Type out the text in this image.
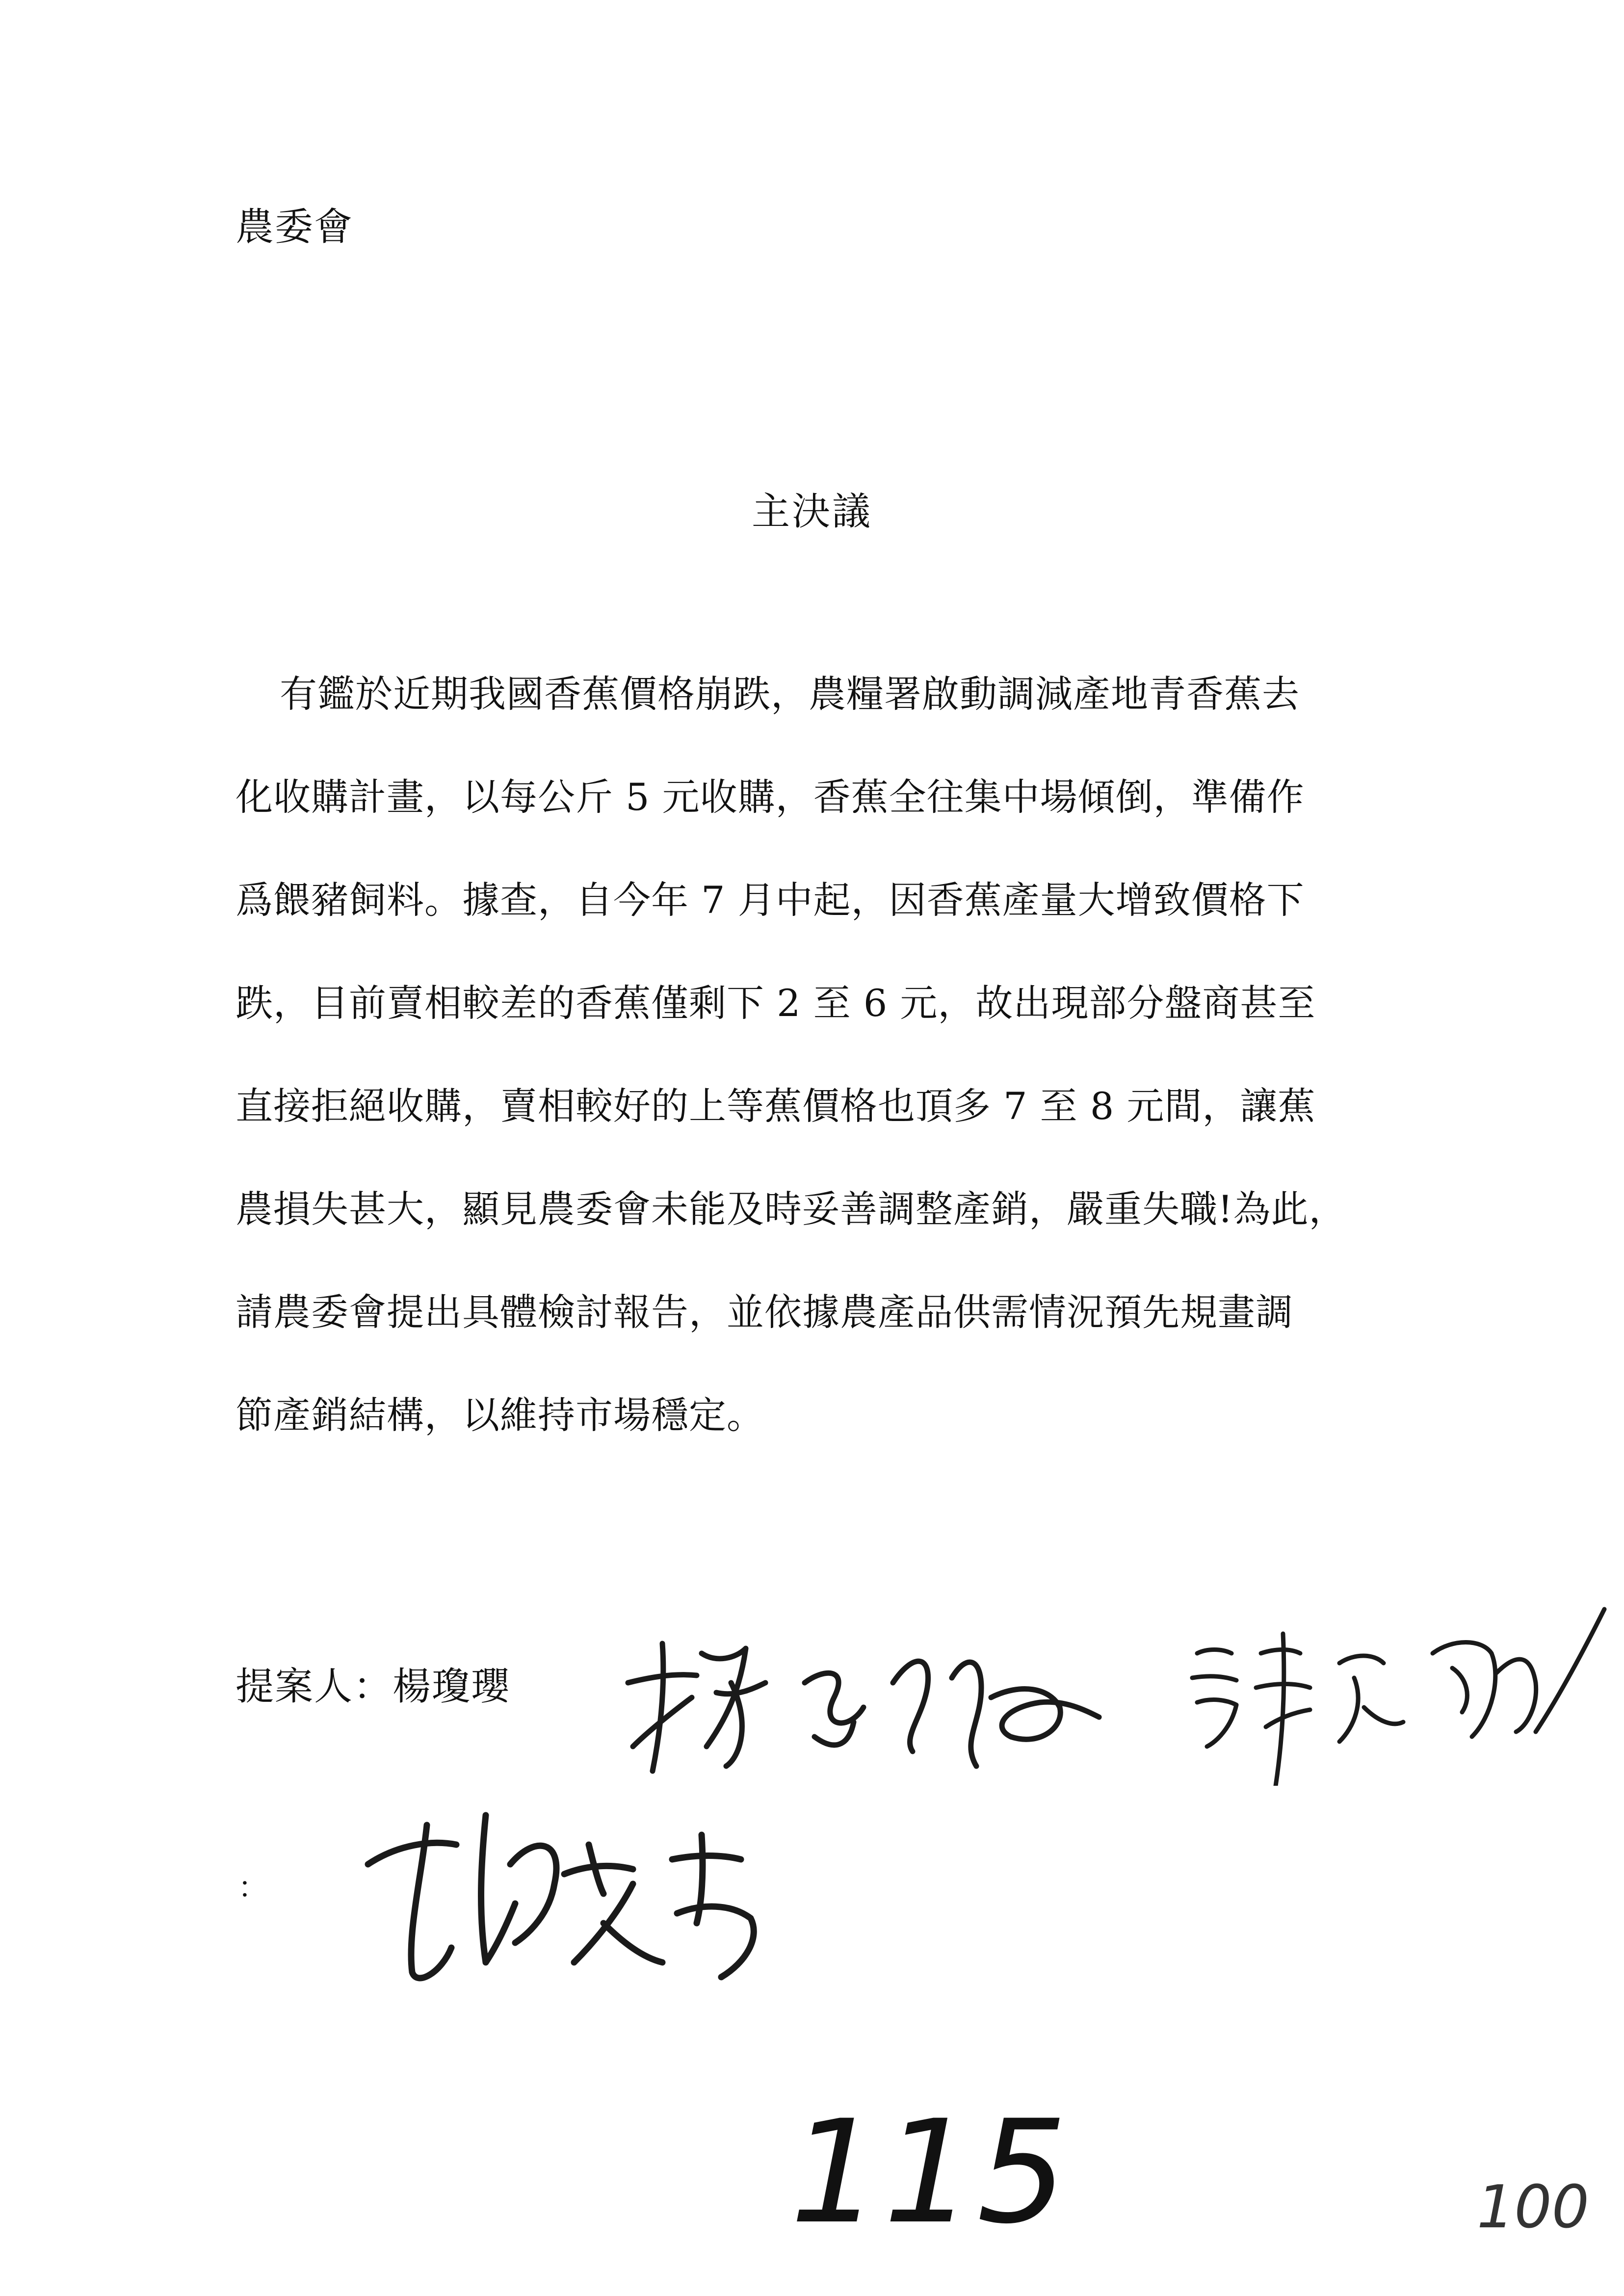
農委會
主決議
有鑑於近期我國香蕉價格崩跌，農糧署啟動調減產地青香蕉去
化收購計畫，以每公斤 5 元收購，香蕉全往集中場傾倒，準備作
爲餵豬飼料。據查，自今年 7 月中起，因香蕉產量大增致價格下
跌，目前賣相較差的香蕉僅剩下 2 至 6 元，故出現部分盤商甚至
直接拒絕收購，賣相較好的上等蕉價格也頂多 7 至 8 元間，讓蕉
農損失甚大，顯見農委會未能及時妥善調整產銷，嚴重失職!為此，
請農委會提出具體檢討報告，並依據農產品供需情況預先規畫調
節產銷結構，以維持市場穩定。
提案人：楊瓊瓔
：
115	100
